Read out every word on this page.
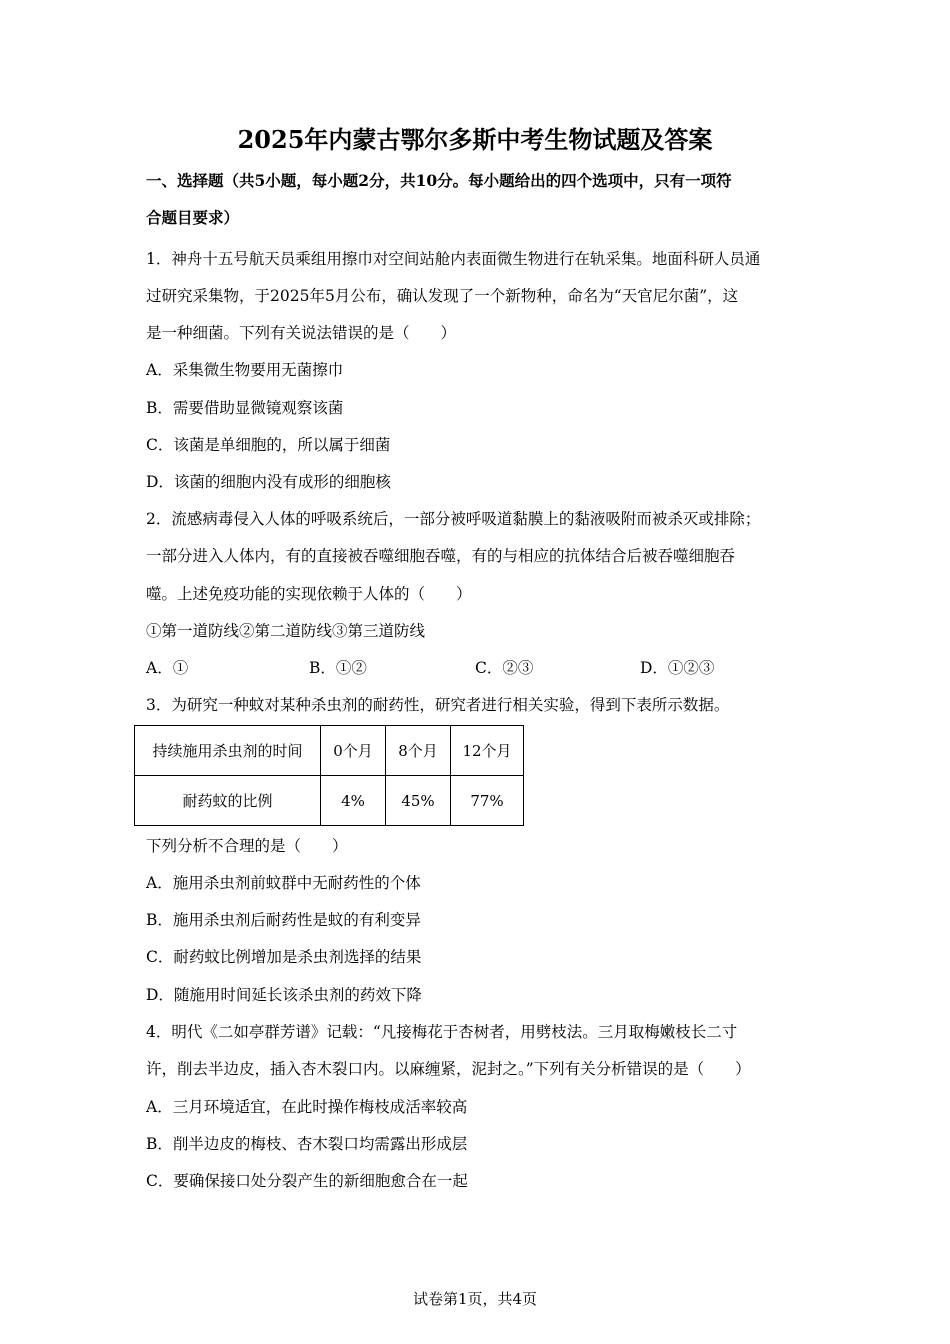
2025年内蒙古鄂尔多斯中考生物试题及答案
一、选择题（共5小题，每小题2分，共10分。每小题给出的四个选项中，只有一项符
合题目要求）
1．神舟十五号航天员乘组用擦巾对空间站舱内表面微生物进行在轨采集。地面科研人员通
过研究采集物，于2025年5月公布，确认发现了一个新物种，命名为“天官尼尔菌”，这
是一种细菌。下列有关说法错误的是（　　）
A．采集微生物要用无菌擦巾
B．需要借助显微镜观察该菌
C．该菌是单细胞的，所以属于细菌
D．该菌的细胞内没有成形的细胞核
2．流感病毒侵入人体的呼吸系统后，一部分被呼吸道黏膜上的黏液吸附而被杀灭或排除；
一部分进入人体内，有的直接被吞噬细胞吞噬，有的与相应的抗体结合后被吞噬细胞吞
噬。上述免疫功能的实现依赖于人体的（　　）
①第一道防线②第二道防线③第三道防线
A．①	B．①②	C．②③	D．①②③
3．为研究一种蚊对某种杀虫剂的耐药性，研究者进行相关实验，得到下表所示数据。
持续施用杀虫剂的时间	0个月	8个月	12个月
耐药蚊的比例	4%	45%	77%
下列分析不合理的是（　　）
A．施用杀虫剂前蚊群中无耐药性的个体
B．施用杀虫剂后耐药性是蚊的有利变异
C．耐药蚊比例增加是杀虫剂选择的结果
D．随施用时间延长该杀虫剂的药效下降
4．明代《二如亭群芳谱》记载：“凡接梅花于杏树者，用劈枝法。三月取梅嫩枝长二寸
许，削去半边皮，插入杏木裂口内。以麻缠紧，泥封之。”下列有关分析错误的是（　　）
A．三月环境适宜，在此时操作梅枝成活率较高
B．削半边皮的梅枝、杏木裂口均需露出形成层
C．要确保接口处分裂产生的新细胞愈合在一起
试卷第1页，共4页
